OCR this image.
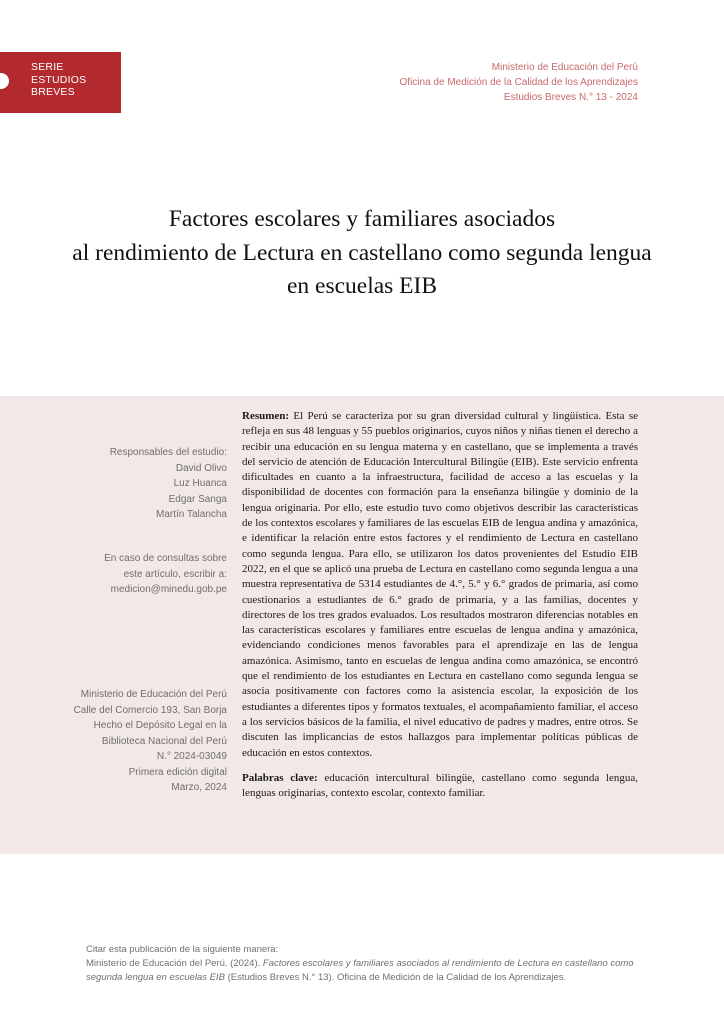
SERIE
ESTUDIOS
BREVES
Ministerio de Educación del Perú
Oficina de Medición de la Calidad de los Aprendizajes
Estudios Breves N.° 13 - 2024
Factores escolares y familiares asociados
al rendimiento de Lectura en castellano como segunda lengua
en escuelas EIB
Responsables del estudio:
David Olivo
Luz Huanca
Edgar Sanga
Martín Talancha
En caso de consultas sobre
este artículo, escribir a:
medicion@minedu.gob.pe
Ministerio de Educación del Perú
Calle del Comercio 193, San Borja
Hecho el Depósito Legal en la
Biblioteca Nacional del Perú
N.° 2024-03049
Primera edición digital
Marzo, 2024

Resumen: El Perú se caracteriza por su gran diversidad cultural y lingüística. Esta se refleja en sus 48 lenguas y 55 pueblos originarios, cuyos niños y niñas tienen el derecho a recibir una educación en su lengua materna y en castellano, que se implementa a través del servicio de atención de Educación Intercultural Bilingüe (EIB). Este servicio enfrenta dificultades en cuanto a la infraestructura, facilidad de acceso a las escuelas y la disponibilidad de docentes con formación para la enseñanza bilingüe y dominio de la lengua originaria. Por ello, este estudio tuvo como objetivos describir las características de los contextos escolares y familiares de las escuelas EIB de lengua andina y amazónica, e identificar la relación entre estos factores y el rendimiento de Lectura en castellano como segunda lengua. Para ello, se utilizaron los datos provenientes del Estudio EIB 2022, en el que se aplicó una prueba de Lectura en castellano como segunda lengua a una muestra representativa de 5314 estudiantes de 4.°, 5.° y 6.° grados de primaria, así como cuestionarios a estudiantes de 6.° grado de primaria, y a las familias, docentes y directores de los tres grados evaluados. Los resultados mostraron diferencias notables en las características escolares y familiares entre escuelas de lengua andina y amazónica, evidenciando condiciones menos favorables para el aprendizaje en las de lengua amazónica. Asimismo, tanto en escuelas de lengua andina como amazónica, se encontró que el rendimiento de los estudiantes en Lectura en castellano como segunda lengua se asocia positivamente con factores como la asistencia escolar, la exposición de los estudiantes a diferentes tipos y formatos textuales, el acompañamiento familiar, el acceso a los servicios básicos de la familia, el nivel educativo de padres y madres, entre otros. Se discuten las implicancias de estos hallazgos para implementar políticas públicas de educación en estos contextos.

Palabras clave: educación intercultural bilingüe, castellano como segunda lengua, lenguas originarias, contexto escolar, contexto familiar.

Citar esta publicación de la siguiente manera:
Ministerio de Educación del Perú. (2024). Factores escolares y familiares asociados al rendimiento de Lectura en castellano como
segunda lengua en escuelas EIB (Estudios Breves N.° 13). Oficina de Medición de la Calidad de los Aprendizajes.
